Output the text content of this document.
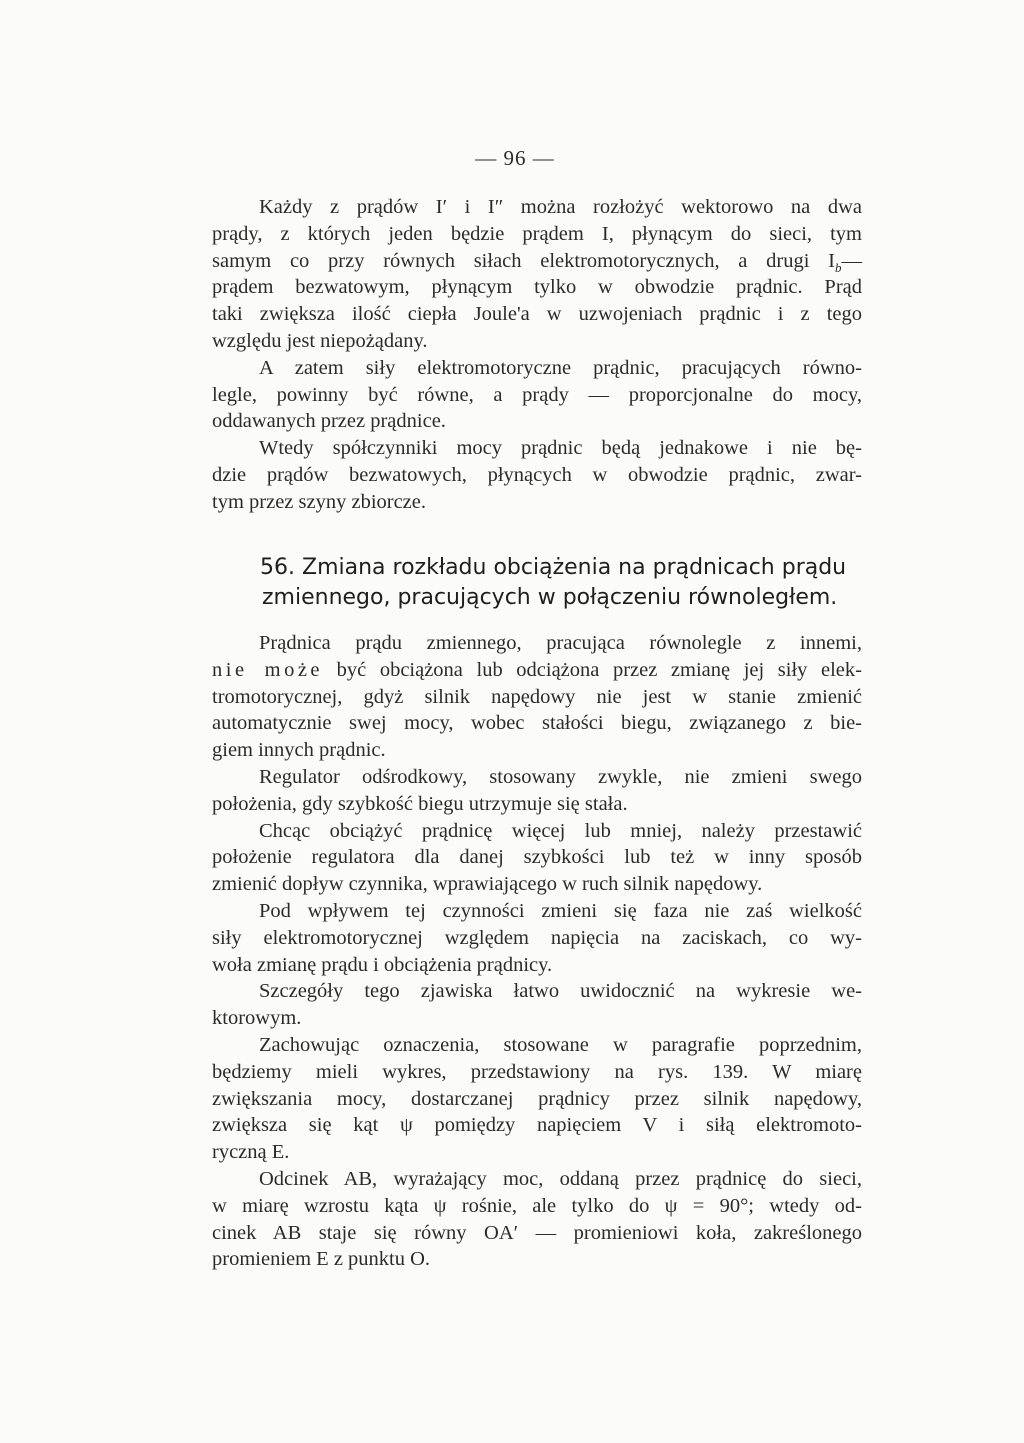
— 96 —
Każdy z prądów I′ i I″ można rozłożyć wektorowo na dwa
prądy, z których jeden będzie prądem I, płynącym do sieci, tym
samym co przy równych siłach elektromotorycznych, a drugi $I_b—$
prądem bezwatowym, płynącym tylko w obwodzie prądnic. Prąd
taki zwiększa ilość ciepła Joule'a w uzwojeniach prądnic i z tego
względu jest niepożądany.
A zatem siły elektromotoryczne prądnic, pracujących równo-
legle, powinny być równe, a prądy — proporcjonalne do mocy,
oddawanych przez prądnice.
Wtedy spółczynniki mocy prądnic będą jednakowe i nie bę-
dzie prądów bezwatowych, płynących w obwodzie prądnic, zwar-
tym przez szyny zbiorcze.
56. Zmiana rozkładu obciążenia na prądnicach prądu
zmiennego, pracujących w połączeniu równoległem.
Prądnica prądu zmiennego, pracująca równolegle z innemi,
nie może być obciążona lub odciążona przez zmianę jej siły elek-
tromotorycznej, gdyż silnik napędowy nie jest w stanie zmienić
automatycznie swej mocy, wobec stałości biegu, związanego z bie-
giem innych prądnic.
Regulator odśrodkowy, stosowany zwykle, nie zmieni swego
położenia, gdy szybkość biegu utrzymuje się stała.
Chcąc obciążyć prądnicę więcej lub mniej, należy przestawić
położenie regulatora dla danej szybkości lub też w inny sposób
zmienić dopływ czynnika, wprawiającego w ruch silnik napędowy.
Pod wpływem tej czynności zmieni się faza nie zaś wielkość
siły elektromotorycznej względem napięcia na zaciskach, co wy-
woła zmianę prądu i obciążenia prądnicy.
Szczegóły tego zjawiska łatwo uwidocznić na wykresie we-
ktorowym.
Zachowując oznaczenia, stosowane w paragrafie poprzednim,
będziemy mieli wykres, przedstawiony na rys. 139. W miarę
zwiększania mocy, dostarczanej prądnicy przez silnik napędowy,
zwiększa się kąt ψ pomiędzy napięciem V i siłą elektromoto-
ryczną E.
Odcinek AB, wyrażający moc, oddaną przez prądnicę do sieci,
w miarę wzrostu kąta ψ rośnie, ale tylko do ψ = 90°; wtedy od-
cinek AB staje się równy OA′ — promieniowi koła, zakreślonego
promieniem E z punktu O.
